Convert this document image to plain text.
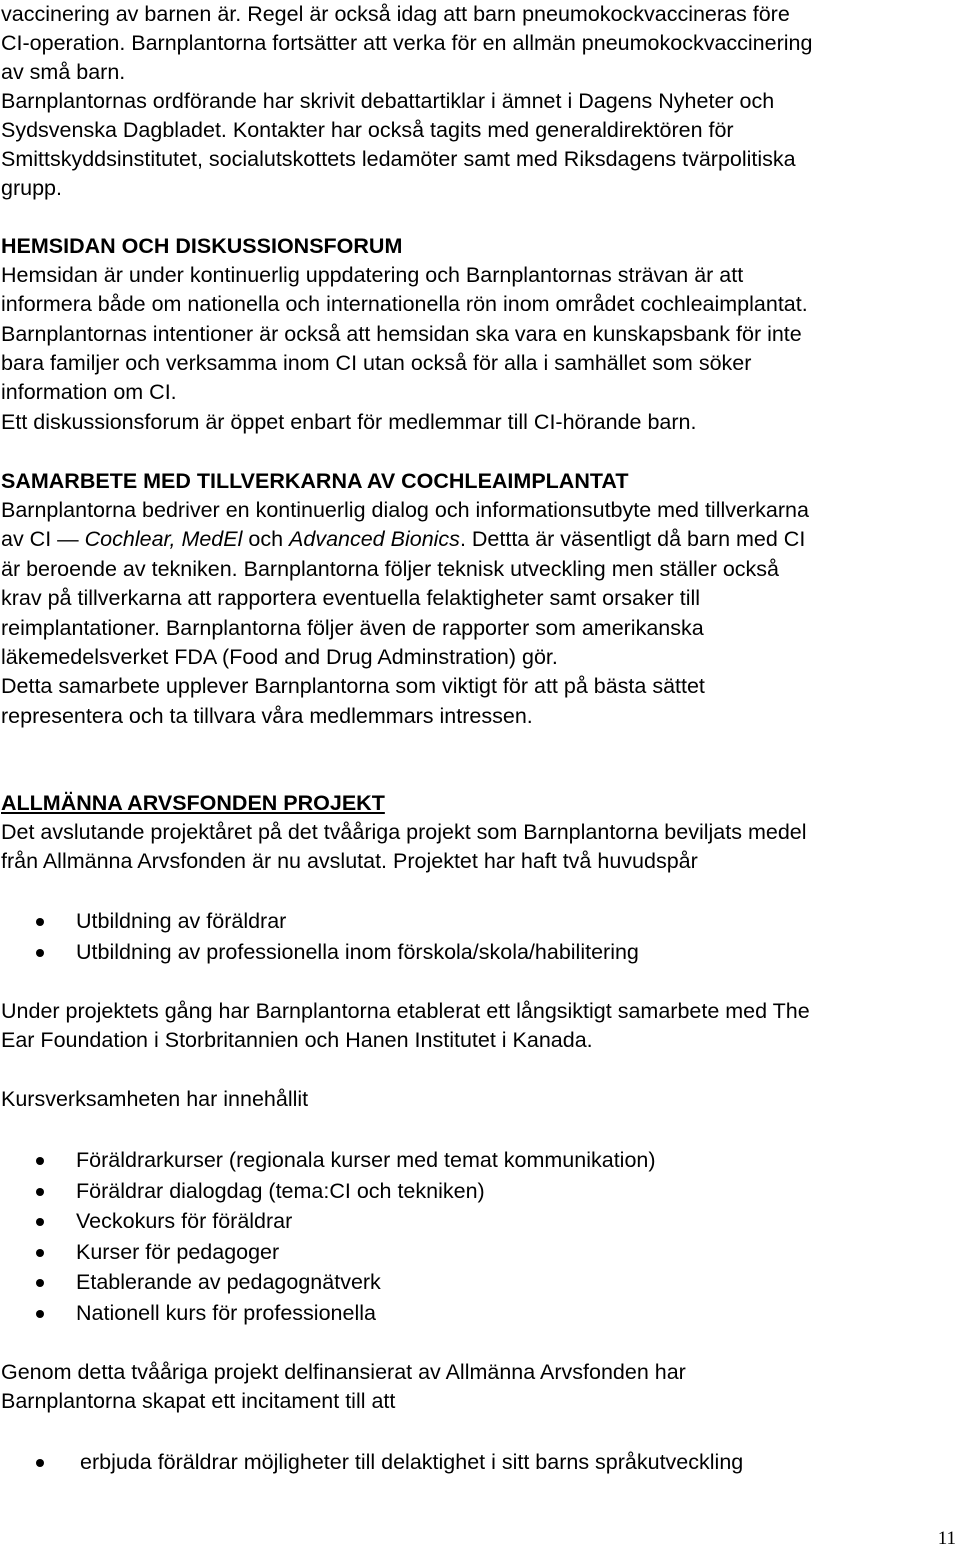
vaccinering av barnen är. Regel är också idag att barn pneumokockvaccineras före

CI-operation. Barnplantorna fortsätter att verka för en allmän pneumokockvaccinering

av små barn.

Barnplantornas ordförande har skrivit debattartiklar i ämnet i Dagens Nyheter och

Sydsvenska Dagbladet. Kontakter har också tagits med generaldirektören för

Smittskyddsinstitutet, socialutskottets ledamöter samt med Riksdagens tvärpolitiska

grupp.

HEMSIDAN OCH DISKUSSIONSFORUM

Hemsidan är under kontinuerlig uppdatering och Barnplantornas strävan är att

informera både om nationella och internationella rön inom området cochleaimplantat.

Barnplantornas intentioner är också att hemsidan ska vara en kunskapsbank för inte

bara familjer och verksamma inom CI utan också för alla i samhället som söker

information om CI.

Ett diskussionsforum är öppet enbart för medlemmar till CI-hörande barn.

SAMARBETE MED TILLVERKARNA AV COCHLEAIMPLANTAT

Barnplantorna bedriver en kontinuerlig dialog och informationsutbyte med tillverkarna

av CI — Cochlear, MedEl och Advanced Bionics. Dettta är väsentligt då barn med CI

är beroende av tekniken. Barnplantorna följer teknisk utveckling men ställer också

krav på tillverkarna att rapportera eventuella felaktigheter samt orsaker till

reimplantationer. Barnplantorna följer även de rapporter som amerikanska

läkemedelsverket FDA (Food and Drug Adminstration) gör.

Detta samarbete upplever Barnplantorna som viktigt för att på bästa sättet

representera och ta tillvara våra medlemmars intressen.

ALLMÄNNA ARVSFONDEN PROJEKT

Det avslutande projektåret på det tvååriga projekt som Barnplantorna beviljats medel

från Allmänna Arvsfonden är nu avslutat. Projektet har haft två huvudspår

Utbildning av föräldrar
Utbildning av professionella inom förskola/skola/habilitering

Under projektets gång har Barnplantorna etablerat ett långsiktigt samarbete med The

Ear Foundation i Storbritannien och Hanen Institutet i Kanada.

Kursverksamheten har innehållit

Föräldrarkurser (regionala kurser med temat kommunikation)
Föräldrar dialogdag (tema:CI och tekniken)
Veckokurs för föräldrar
Kurser för pedagoger
Etablerande av pedagognätverk
Nationell kurs för professionella

Genom detta tvååriga projekt delfinansierat av Allmänna Arvsfonden har

Barnplantorna skapat ett incitament till att

erbjuda föräldrar möjligheter till delaktighet i sitt barns språkutveckling
11
